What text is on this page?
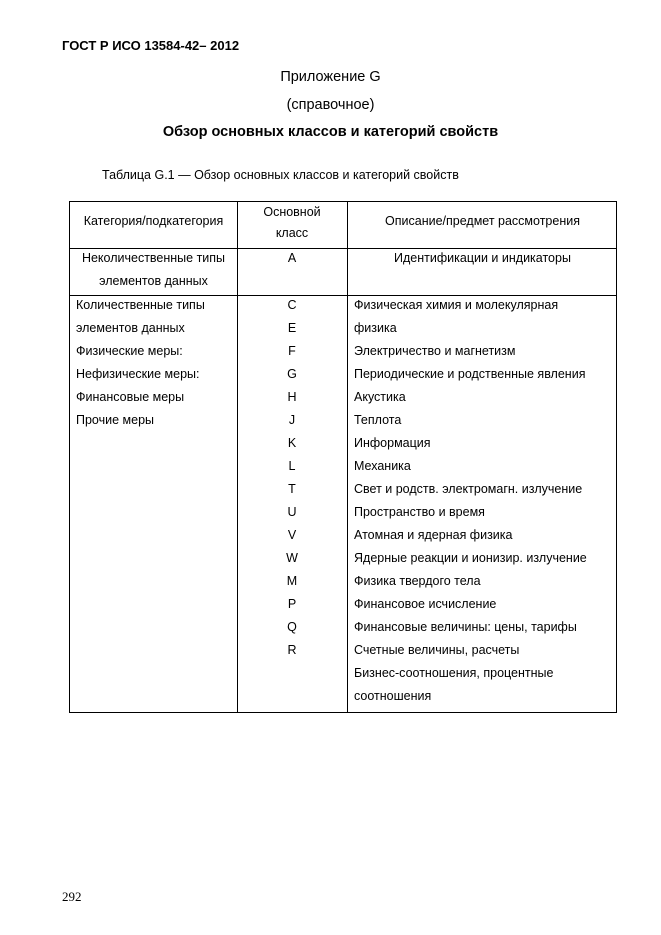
ГОСТ Р ИСО 13584-42– 2012
Приложение G
(справочное)
Обзор основных классов и категорий свойств
Таблица G.1 — Обзор основных классов и категорий свойств
Категория/подкатегория
Основной
класс
Описание/предмет рассмотрения
Неколичественные типы
элементов данных
A	Идентификации и индикаторы
Количественные типы
элементов данных
Физические меры:
Нефизические меры:
Финансовые меры
Прочие меры
C
E
F
G
H
J
K
L
T
U
V
W
M
P
Q
R
Физическая химия и молекулярная
физика
Электричество и магнетизм
Периодические и родственные явления
Акустика
Теплота
Информация
Механика
Свет и родств. электромагн. излучение
Пространство и время
Атомная и ядерная физика
Ядерные реакции и ионизир. излучение
Физика твердого тела
Финансовое исчисление
Финансовые величины: цены, тарифы
Счетные величины, расчеты
Бизнес-соотношения, процентные
соотношения
292
